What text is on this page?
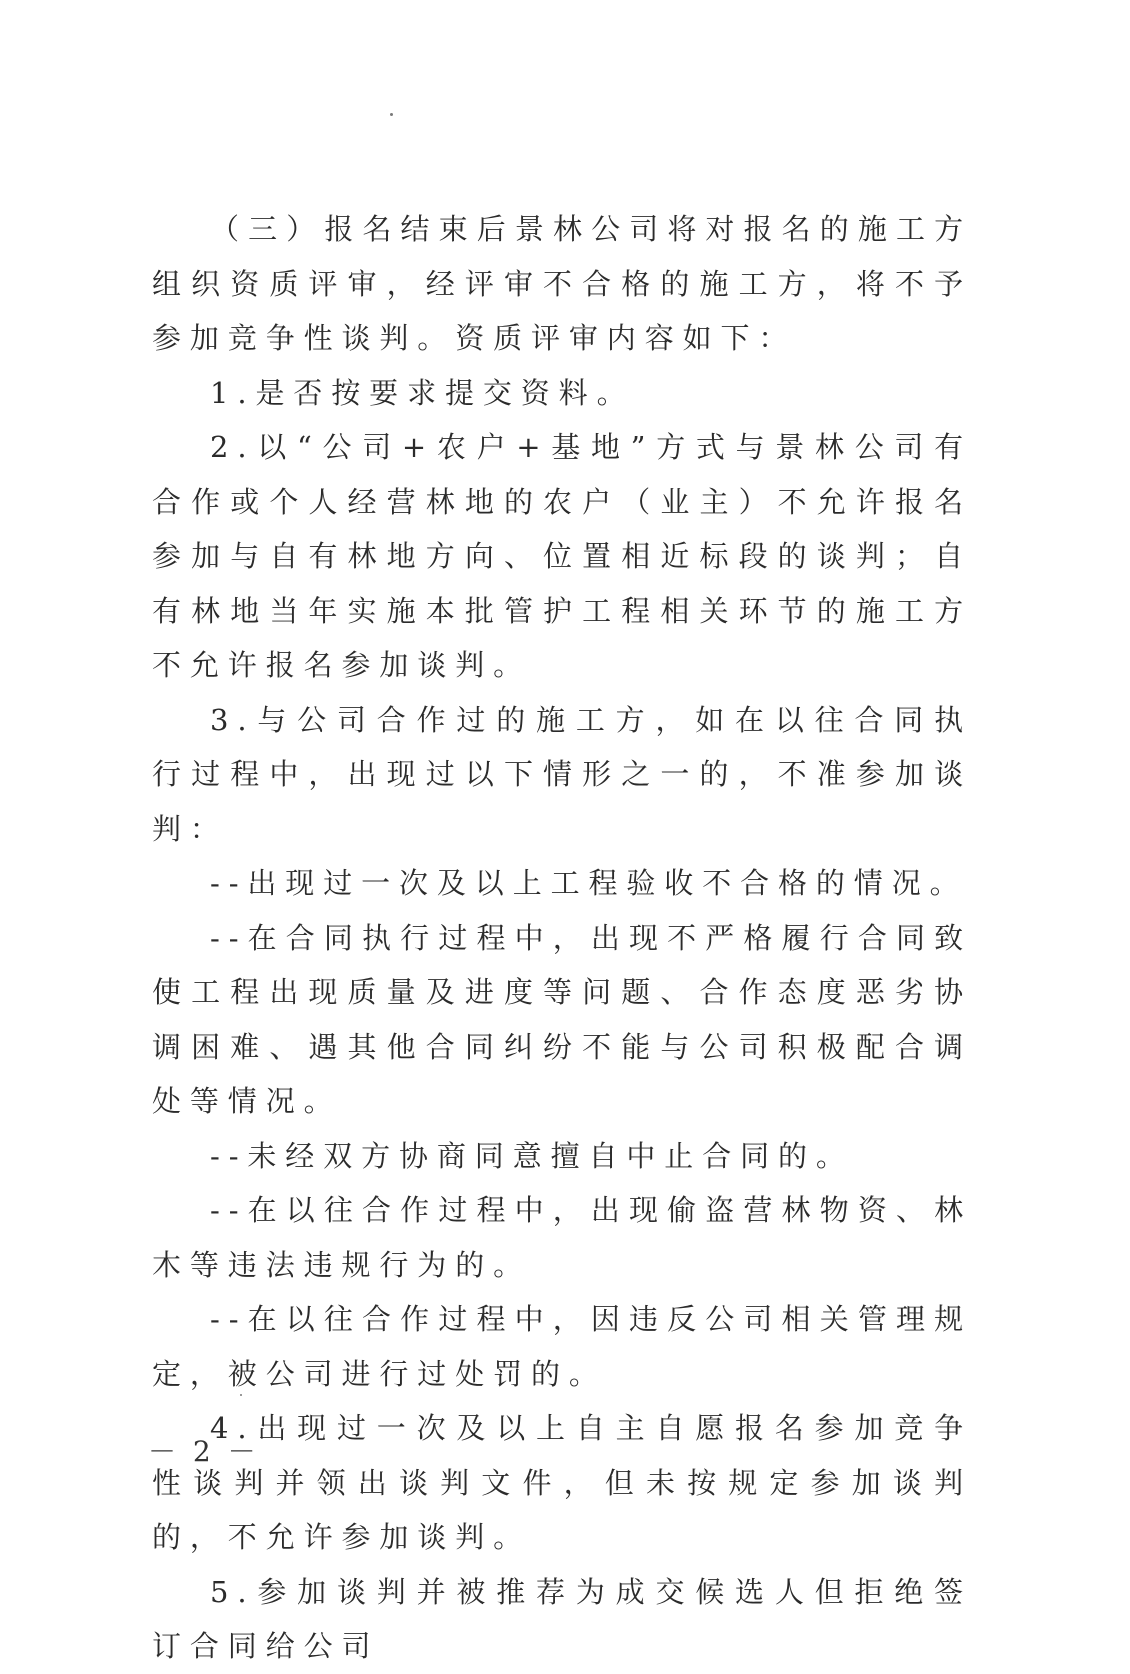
（三）报名结束后景林公司将对报名的施工方组织资质评审，经评审不合格的施工方，将不予参加竞争性谈判。资质评审内容如下：

1.是否按要求提交资料。

2.以“公司+农户+基地”方式与景林公司有合作或个人经营林地的农户（业主）不允许报名参加与自有林地方向、位置相近标段的谈判；自有林地当年实施本批管护工程相关环节的施工方不允许报名参加谈判。

3.与公司合作过的施工方，如在以往合同执行过程中，出现过以下情形之一的，不准参加谈判：

--出现过一次及以上工程验收不合格的情况。

--在合同执行过程中，出现不严格履行合同致使工程出现质量及进度等问题、合作态度恶劣协调困难、遇其他合同纠纷不能与公司积极配合调处等情况。

--未经双方协商同意擅自中止合同的。

--在以往合作过程中，出现偷盗营林物资、林木等违法违规行为的。

--在以往合作过程中，因违反公司相关管理规定，被公司进行过处罚的。

4.出现过一次及以上自主自愿报名参加竞争性谈判并领出谈判文件，但未按规定参加谈判的，不允许参加谈判。

5.参加谈判并被推荐为成交候选人但拒绝签订合同给公司

－ 2 －
